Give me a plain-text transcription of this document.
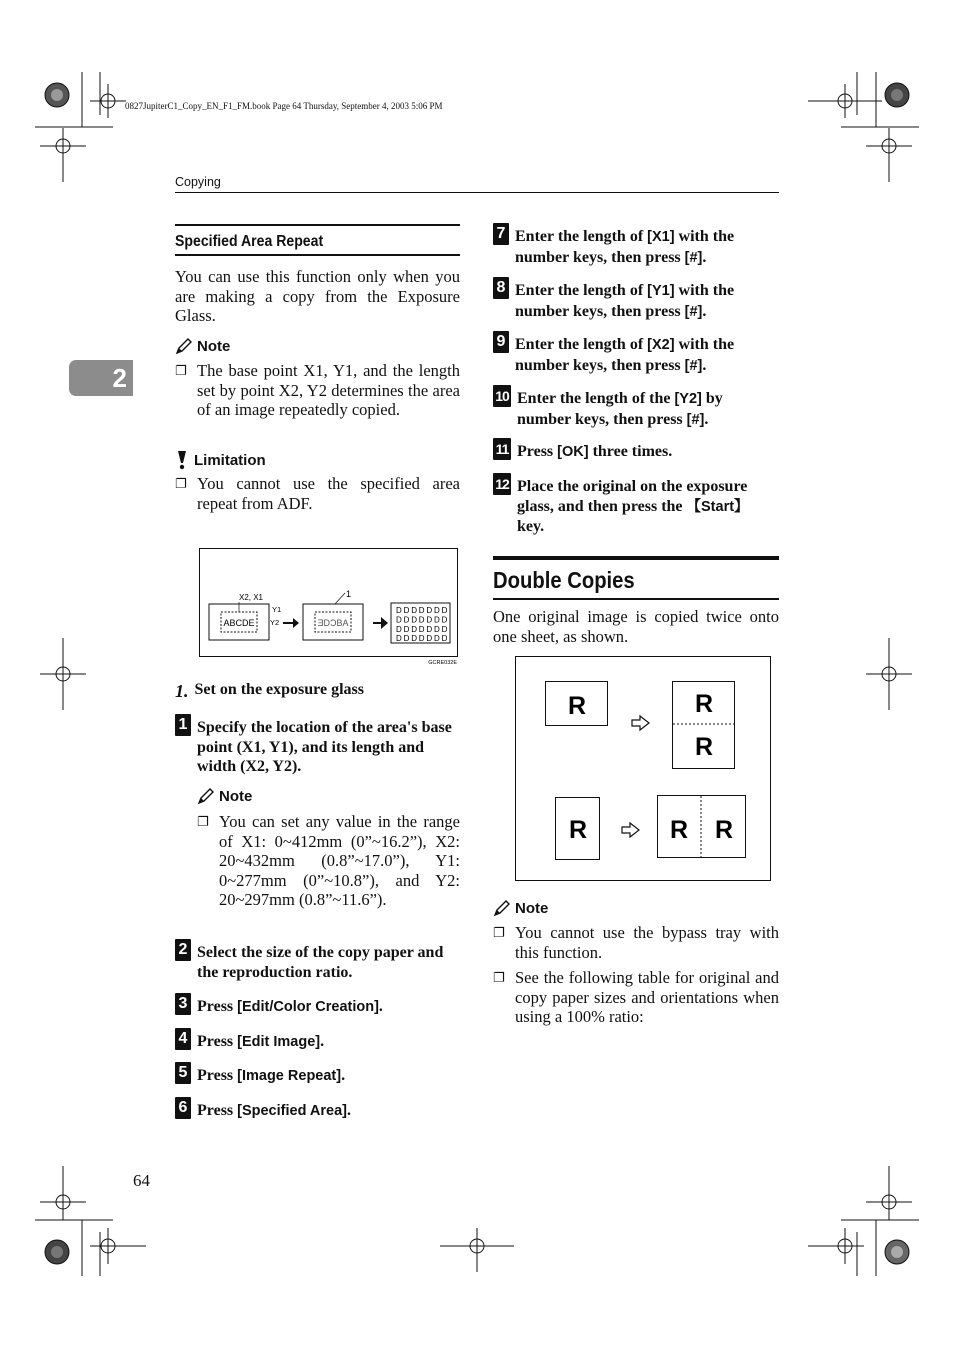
0827JupiterC1_Copy_EN_F1_FM.book Page 64 Thursday, September 4, 2003 5:06 PM
Copying
2
Specified Area Repeat
You can use this function only when you are making a copy from the Exposure Glass.
Note
❐ The base point X1, Y1, and the length set by point X2, Y2 determines the area of an image repeatedly copied.
Limitation
❐ You cannot use the specified area repeat from ADF.
ABCDE
X2, X1
Y1
Y2	ƎDƆBA
1
D D D D D D D
D D D D D D D
D D D D D D D
D D D D D D D
GCRE032E
1. Set on the exposure glass
1 Specify the location of the area's base point (X1, Y1), and its length and width (X2, Y2).
Note
❐ You can set any value in the range of X1: 0~412mm (0”~16.2”), X2: 20~432mm (0.8”~17.0”), Y1: 0~277mm (0”~10.8”), and Y2: 20~297mm (0.8”~11.6”).
2 Select the size of the copy paper and the reproduction ratio.
3 Press [Edit/Color Creation].
4 Press [Edit Image].
5 Press [Image Repeat].
6 Press [Specified Area].
7 Enter the length of [X1] with the number keys, then press [#].
8 Enter the length of [Y1] with the number keys, then press [#].
9 Enter the length of [X2] with the number keys, then press [#].
10 Enter the length of the [Y2] by number keys, then press [#].
11 Press [OK] three times.
12 Place the original on the exposure glass, and then press the 【Start】 key.
Double Copies
One original image is copied twice onto one sheet, as shown.
R	R
R
R	R R
Note
❐ You cannot use the bypass tray with this function.
❐ See the following table for original and copy paper sizes and orientations when using a 100% ratio:
64
